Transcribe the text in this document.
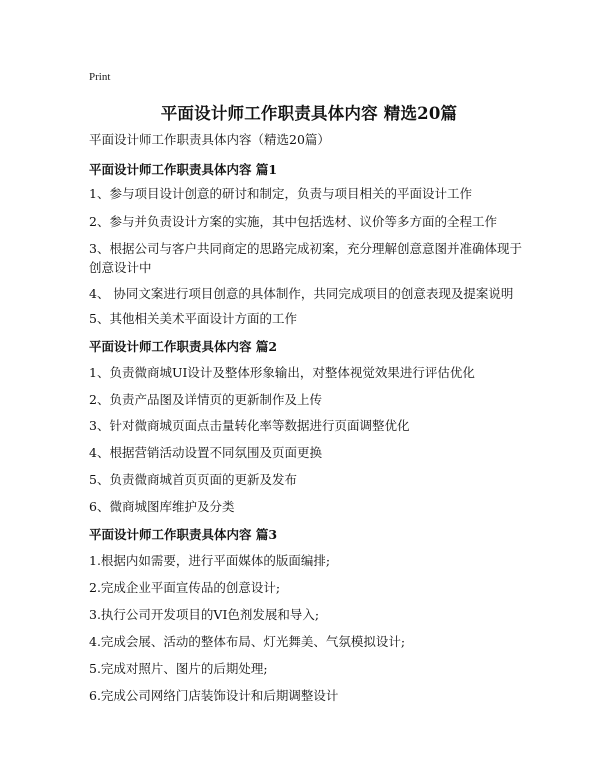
Print
平面设计师工作职责具体内容 精选20篇
平面设计师工作职责具体内容（精选20篇）
平面设计师工作职责具体内容 篇1
1、参与项目设计创意的研讨和制定，负责与项目相关的平面设计工作
2、参与并负责设计方案的实施，其中包括选材、议价等多方面的全程工作
3、根据公司与客户共同商定的思路完成初案，充分理解创意意图并准确体现于创意设计中
4、 协同文案进行项目创意的具体制作，共同完成项目的创意表现及提案说明
5、其他相关美术平面设计方面的工作
平面设计师工作职责具体内容 篇2
1、负责微商城UI设计及整体形象输出，对整体视觉效果进行评估优化
2、负责产品图及详情页的更新制作及上传
3、针对微商城页面点击量转化率等数据进行页面调整优化
4、根据营销活动设置不同氛围及页面更换
5、负责微商城首页页面的更新及发布
6、微商城图库维护及分类
平面设计师工作职责具体内容 篇3
1.根据内如需要，进行平面媒体的版面编排;
2.完成企业平面宣传品的创意设计;
3.执行公司开发项目的VI色剂发展和导入;
4.完成会展、活动的整体布局、灯光舞美、气氛模拟设计;
5.完成对照片、图片的后期处理;
6.完成公司网络门店装饰设计和后期调整设计
